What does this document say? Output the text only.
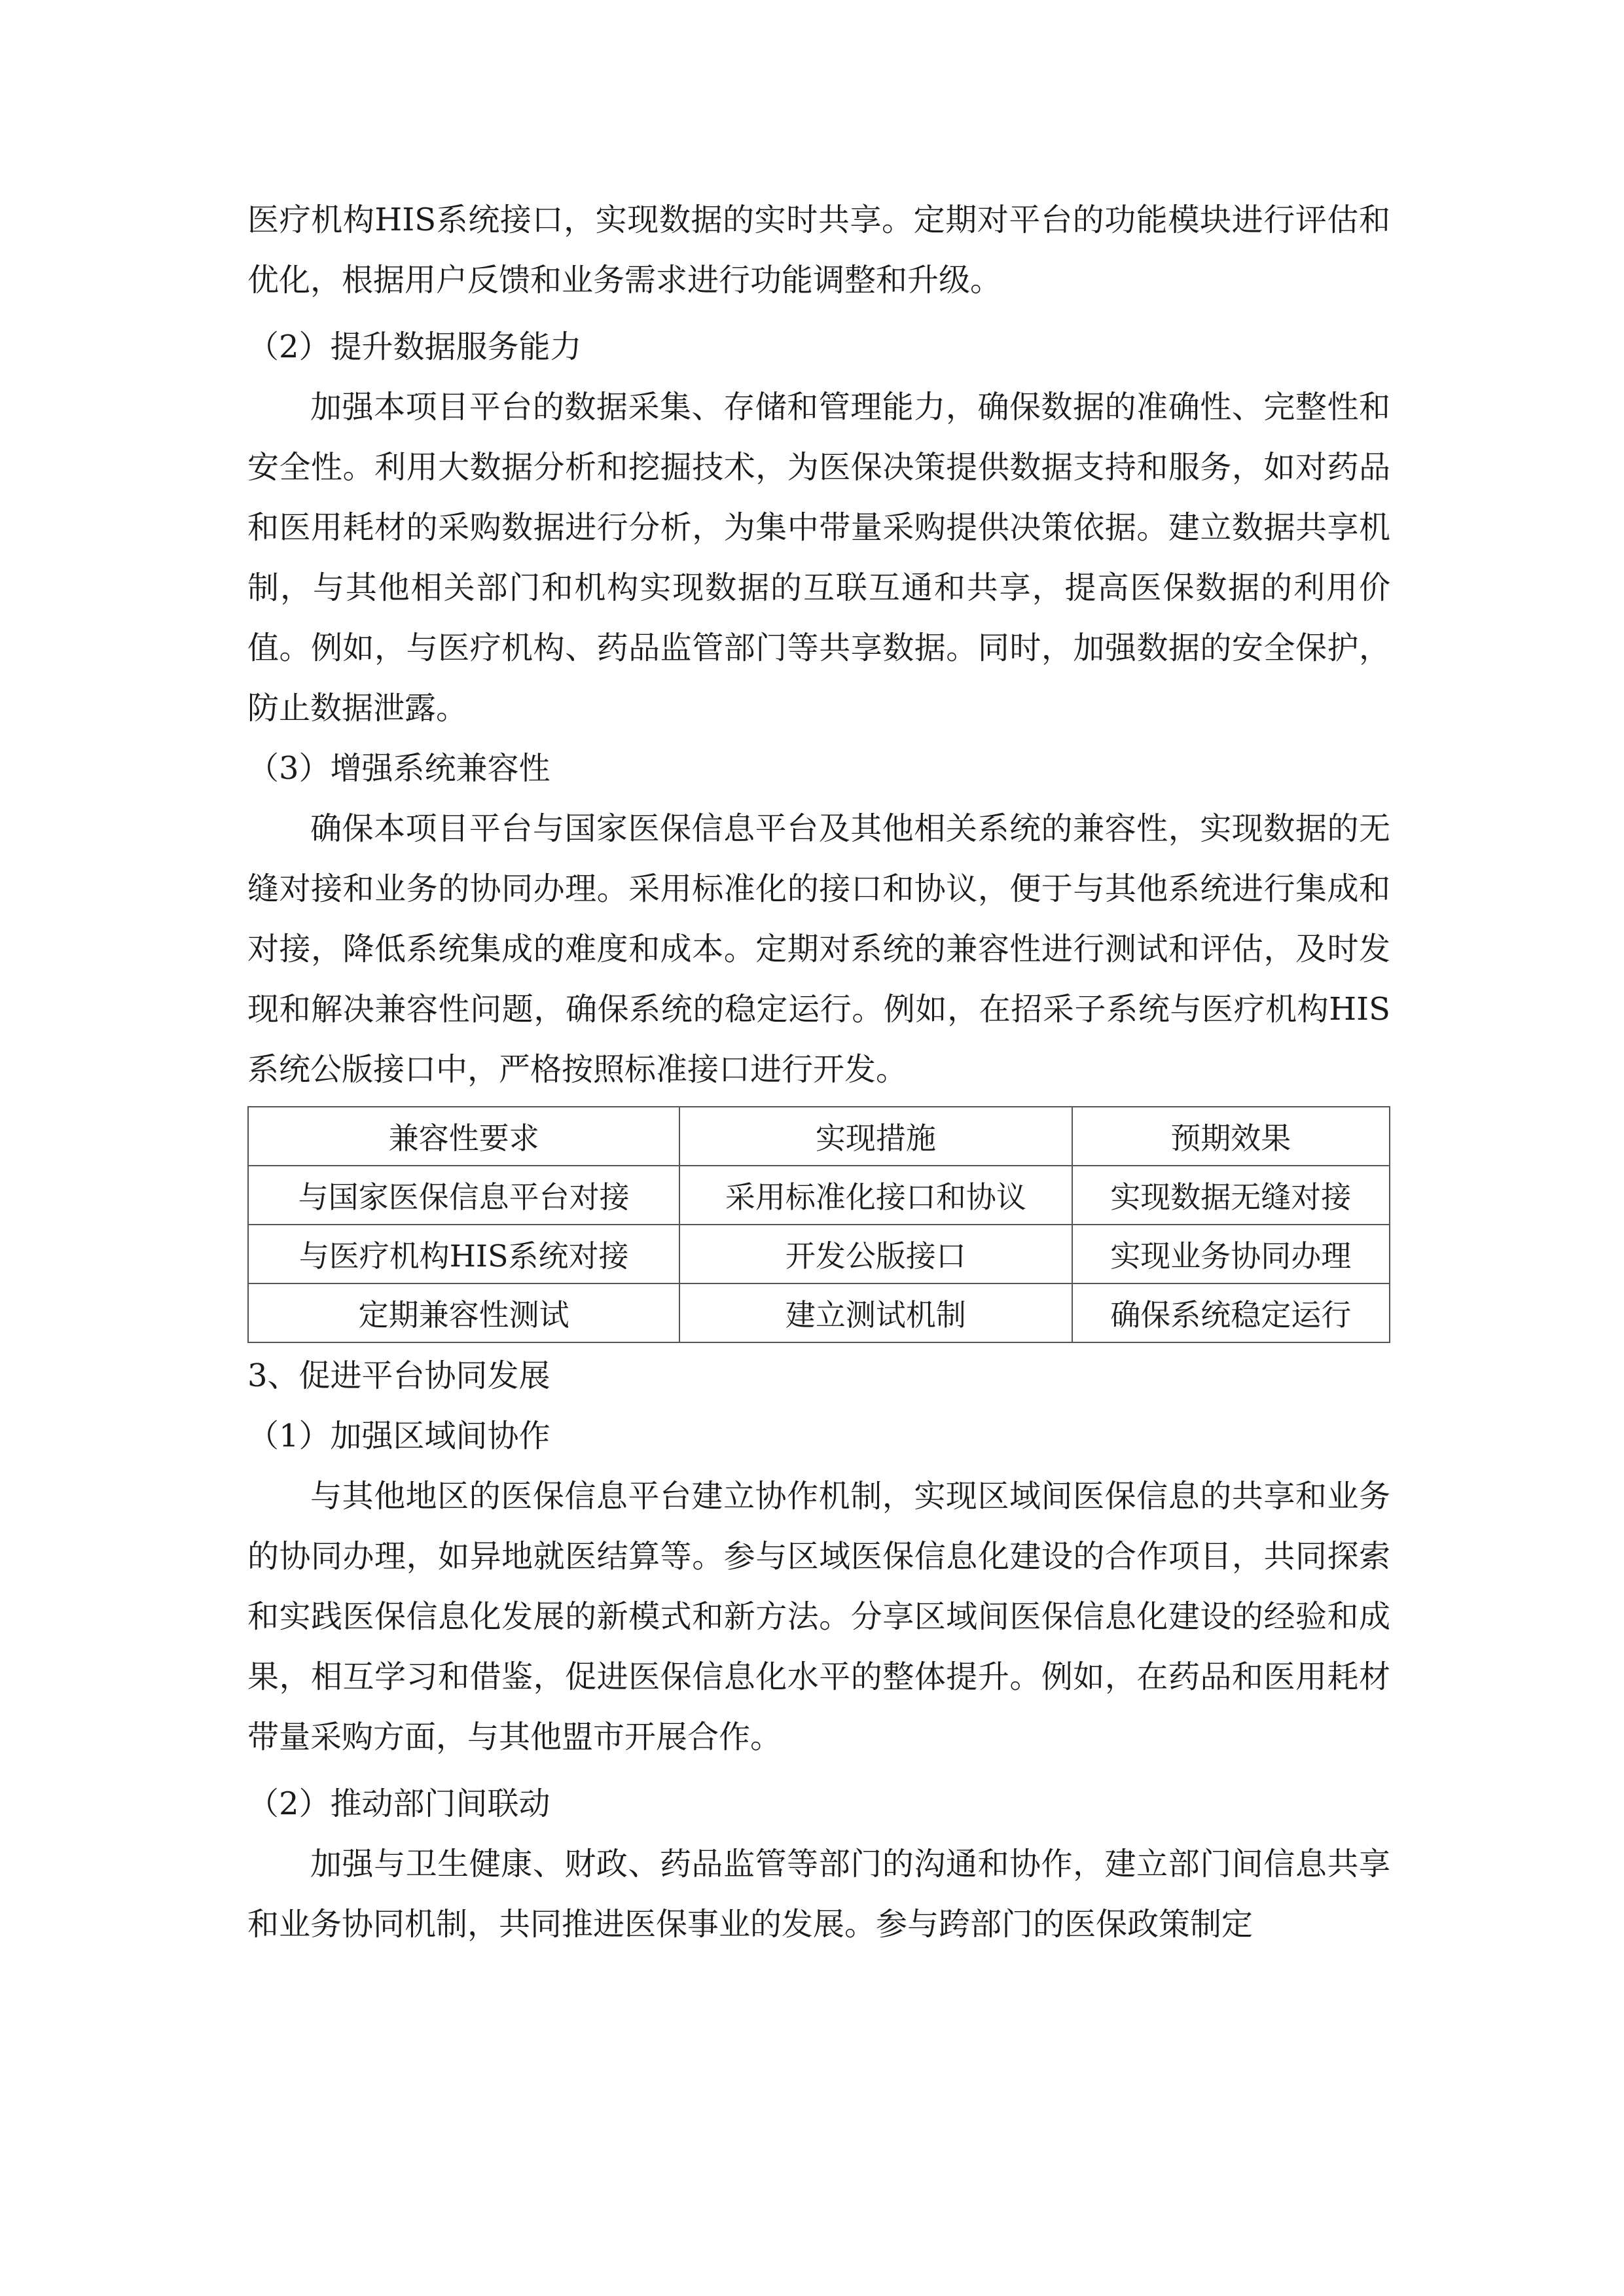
医疗机构HIS系统接口，实现数据的实时共享。定期对平台的功能模块进行评估和优化，根据用户反馈和业务需求进行功能调整和升级。

（2）提升数据服务能力

加强本项目平台的数据采集、存储和管理能力，确保数据的准确性、完整性和安全性。利用大数据分析和挖掘技术，为医保决策提供数据支持和服务，如对药品和医用耗材的采购数据进行分析，为集中带量采购提供决策依据。建立数据共享机制，与其他相关部门和机构实现数据的互联互通和共享，提高医保数据的利用价值。例如，与医疗机构、药品监管部门等共享数据。同时，加强数据的安全保护，防止数据泄露。

（3）增强系统兼容性

确保本项目平台与国家医保信息平台及其他相关系统的兼容性，实现数据的无缝对接和业务的协同办理。采用标准化的接口和协议，便于与其他系统进行集成和对接，降低系统集成的难度和成本。定期对系统的兼容性进行测试和评估，及时发现和解决兼容性问题，确保系统的稳定运行。例如，在招采子系统与医疗机构HIS系统公版接口中，严格按照标准接口进行开发。

兼容性要求	实现措施	预期效果
与国家医保信息平台对接	采用标准化接口和协议	实现数据无缝对接
与医疗机构HIS系统对接	开发公版接口	实现业务协同办理
定期兼容性测试	建立测试机制	确保系统稳定运行

3、促进平台协同发展

（1）加强区域间协作

与其他地区的医保信息平台建立协作机制，实现区域间医保信息的共享和业务的协同办理，如异地就医结算等。参与区域医保信息化建设的合作项目，共同探索和实践医保信息化发展的新模式和新方法。分享区域间医保信息化建设的经验和成果，相互学习和借鉴，促进医保信息化水平的整体提升。例如，在药品和医用耗材带量采购方面，与其他盟市开展合作。

（2）推动部门间联动

加强与卫生健康、财政、药品监管等部门的沟通和协作，建立部门间信息共享和业务协同机制，共同推进医保事业的发展。参与跨部门的医保政策制定
